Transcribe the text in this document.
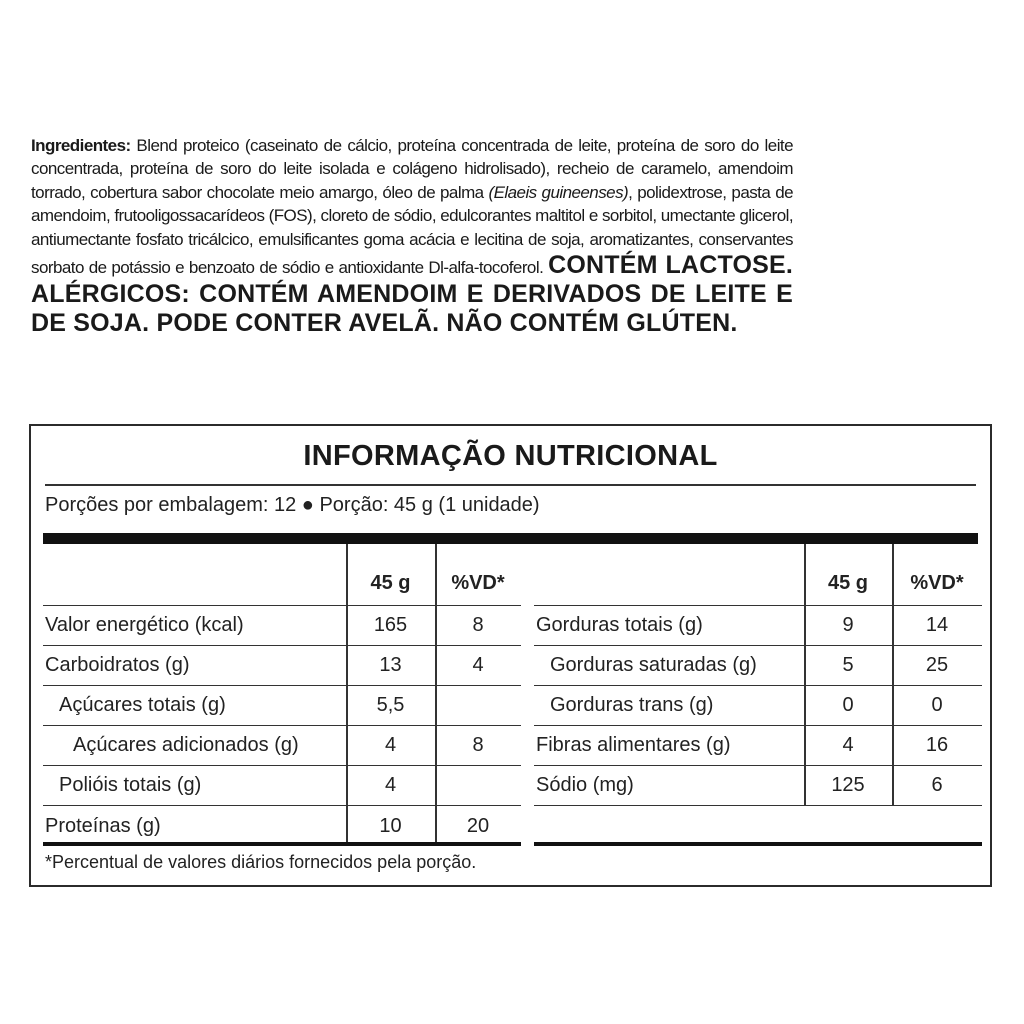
Ingredientes: Blend proteico (caseinato de cálcio, proteína concentrada de leite, proteína de soro do leite concentrada, proteína de soro do leite isolada e colágeno hidrolisado), recheio de caramelo, amendoim torrado, cobertura sabor chocolate meio amargo, óleo de palma (Elaeis guineenses), polidextrose, pasta de amendoim, frutooligossacarídeos (FOS), cloreto de sódio, edulcorantes maltitol e sorbitol, umectante glicerol, antiumectante fosfato tricálcico, emulsificantes goma acácia e lecitina de soja, aromatizantes, conservantes sorbato de potássio e benzoato de sódio e antioxidante Dl-alfa-tocoferol. CONTÉM LACTOSE. ALÉRGICOS: CONTÉM AMENDOIM E DERIVADOS DE LEITE E DE SOJA. PODE CONTER AVELÃ. NÃO CONTÉM GLÚTEN.
INFORMAÇÃO NUTRICIONAL
Porções por embalagem: 12 ● Porção: 45 g (1 unidade)
45 g	%VD*
Valor energético (kcal)	165	8
Carboidratos (g)	13	4
Açúcares totais (g)	5,5
Açúcares adicionados (g)	4	8
Polióis totais (g)	4
Proteínas (g)	10	20
45 g	%VD*
Gorduras totais (g)	9	14
Gorduras saturadas (g)	5	25
Gorduras trans (g)	0	0
Fibras alimentares (g)	4	16
Sódio (mg)	125	6
*Percentual de valores diários fornecidos pela porção.
